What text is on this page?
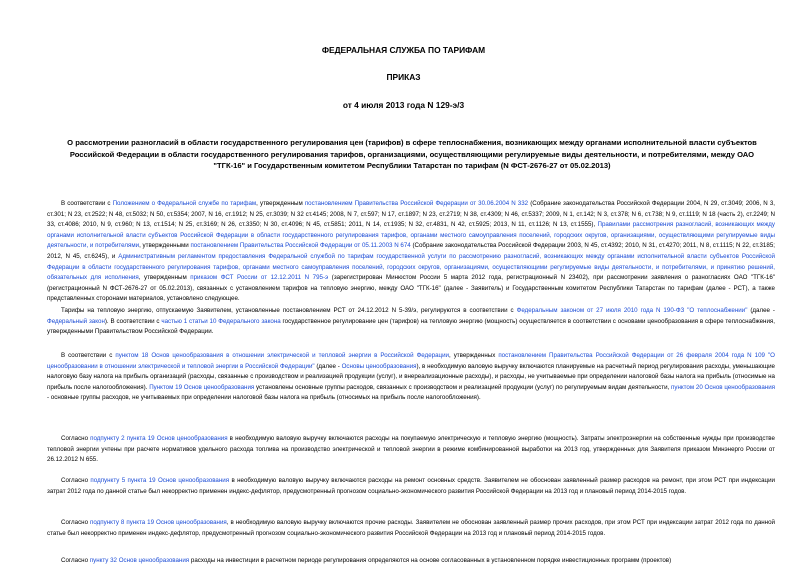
ФЕДЕРАЛЬНАЯ СЛУЖБА ПО ТАРИФАМ
ПРИКАЗ
от 4 июля 2013 года N 129-э/3
О рассмотрении разногласий в области государственного регулирования цен (тарифов) в сфере теплоснабжения, возникающих между органами исполнительной власти субъектов Российской Федерации в области государственного регулирования тарифов, организациями, осуществляющими регулируемые виды деятельности, и потребителями, между ОАО "ТГК-16" и Государственным комитетом Республики Татарстан по тарифам (N ФСТ-2676-27 от 05.02.2013)
В соответствии с Положением о Федеральной службе по тарифам, утвержденным постановлением Правительства Российской Федерации от 30.06.2004 N 332 (Собрание законодательства Российской Федерации 2004, N 29, ст.3049; 2006, N 3, ст.301; N 23, ст.2522; N 48, ст.5032; N 50, ст.5354; 2007, N 16, ст.1912; N 25, ст.3039; N 32 ст.4145; 2008, N 7, ст.597; N 17, ст.1897; N 23, ст.2719; N 38, ст.4309; N 46, ст.5337; 2009, N 1, ст.142; N 3, ст.378; N 6, ст.738; N 9, ст.1119; N 18 (часть 2), ст.2249; N 33, ст.4086; 2010, N 9, ст.960; N 13, ст.1514; N 25, ст.3169; N 26, ст.3350; N 30, ст.4096; N 45, ст.5851; 2011, N 14, ст.1935; N 32, ст.4831, N 42, ст.5925; 2013, N 11, ст.1126; N 13, ст.1555), Правилами рассмотрения разногласий, возникающих между органами исполнительной власти субъектов Российской Федерации в области государственного регулирования тарифов, органами местного самоуправления поселений, городских округов, организациями, осуществляющими регулируемые виды деятельности, и потребителями, утвержденными постановлением Правительства Российской Федерации от 05.11.2003 N 674 (Собрание законодательства Российской Федерации 2003, N 45, ст.4392; 2010, N 31, ст.4270; 2011, N 8, ст.1115; N 22, ст.3185; 2012, N 45, ст.6245), и Административным регламентом предоставления Федеральной службой по тарифам государственной услуги по рассмотрению разногласий, возникающих между органами исполнительной власти субъектов Российской Федерации в области государственного регулирования тарифов, органами местного самоуправления поселений, городских округов, организациями, осуществляющими регулируемые виды деятельности, и потребителями, и принятию решений, обязательных для исполнения, утвержденным приказом ФСТ России от 12.12.2011 N 795-э (зарегистрирован Минюстом России 5 марта 2012 года, регистрационный N 23402), при рассмотрении заявления о разногласиях ОАО "ТГК-16" (регистрационный N ФСТ-2676-27 от 05.02.2013), связанных с установлением тарифов на тепловую энергию, между ОАО "ТГК-16" (далее - Заявитель) и Государственным комитетом Республики Татарстан по тарифам (далее - РСТ), а также представленных сторонами материалов, установлено следующее.
Тарифы на тепловую энергию, отпускаемую Заявителем, установленные постановлением РСТ от 24.12.2012 N 5-39/э, регулируются в соответствии с Федеральным законом от 27 июля 2010 года N 190-ФЗ "О теплоснабжении" (далее - Федеральный закон). В соответствии с частью 1 статьи 10 Федерального закона государственное регулирование цен (тарифов) на тепловую энергию (мощность) осуществляется в соответствии с основами ценообразования в сфере теплоснабжения, утвержденными Правительством Российской Федерации.
В соответствии с пунктом 18 Основ ценообразования в отношении электрической и тепловой энергии в Российской Федерации, утвержденных постановлением Правительства Российской Федерации от 26 февраля 2004 года N 109 "О ценообразовании в отношении электрической и тепловой энергии в Российской Федерации" (далее - Основы ценообразования), в необходимую валовую выручку включаются планируемые на расчетный период регулирования расходы, уменьшающие налоговую базу налога на прибыль организаций (расходы, связанные с производством и реализацией продукции (услуг), и внереализационные расходы), и расходы, не учитываемые при определении налоговой базы налога на прибыль (относимые на прибыль после налогообложения). Пунктом 19 Основ ценообразования установлены основные группы расходов, связанных с производством и реализацией продукции (услуг) по регулируемым видам деятельности, пунктом 20 Основ ценообразования - основные группы расходов, не учитываемых при определении налоговой базы налога на прибыль (относимых на прибыль после налогообложения).
Согласно подпункту 2 пункта 19 Основ ценообразования в необходимую валовую выручку включаются расходы на покупаемую электрическую и тепловую энергию (мощность). Затраты электроэнергии на собственные нужды при производстве тепловой энергии учтены при расчете нормативов удельного расхода топлива на производство электрической и тепловой энергии в режиме комбинированной выработки на 2013 год, утвержденных для Заявителя приказом Минэнерго России от 26.12.2012 N 655.
Согласно подпункту 5 пункта 19 Основ ценообразования в необходимую валовую выручку включаются расходы на ремонт основных средств. Заявителем не обоснован заявленный размер расходов на ремонт, при этом РСТ при индексации затрат 2012 года по данной статье был некорректно применен индекс-дефлятор, предусмотренный прогнозом социально-экономического развития Российской Федерации на 2013 год и плановый период 2014-2015 годов.
Согласно подпункту 8 пункта 19 Основ ценообразования, в необходимую валовую выручку включаются прочие расходы. Заявителем не обоснован заявленный размер прочих расходов, при этом РСТ при индексации затрат 2012 года по данной статье был некорректно применен индекс-дефлятор, предусмотренный прогнозом социально-экономического развития Российской Федерации на 2013 год и плановый период 2014-2015 годов.
Согласно пункту 32 Основ ценообразования расходы на инвестиции в расчетном периоде регулирования определяются на основе согласованных в установленном порядке инвестиционных программ (проектов)
